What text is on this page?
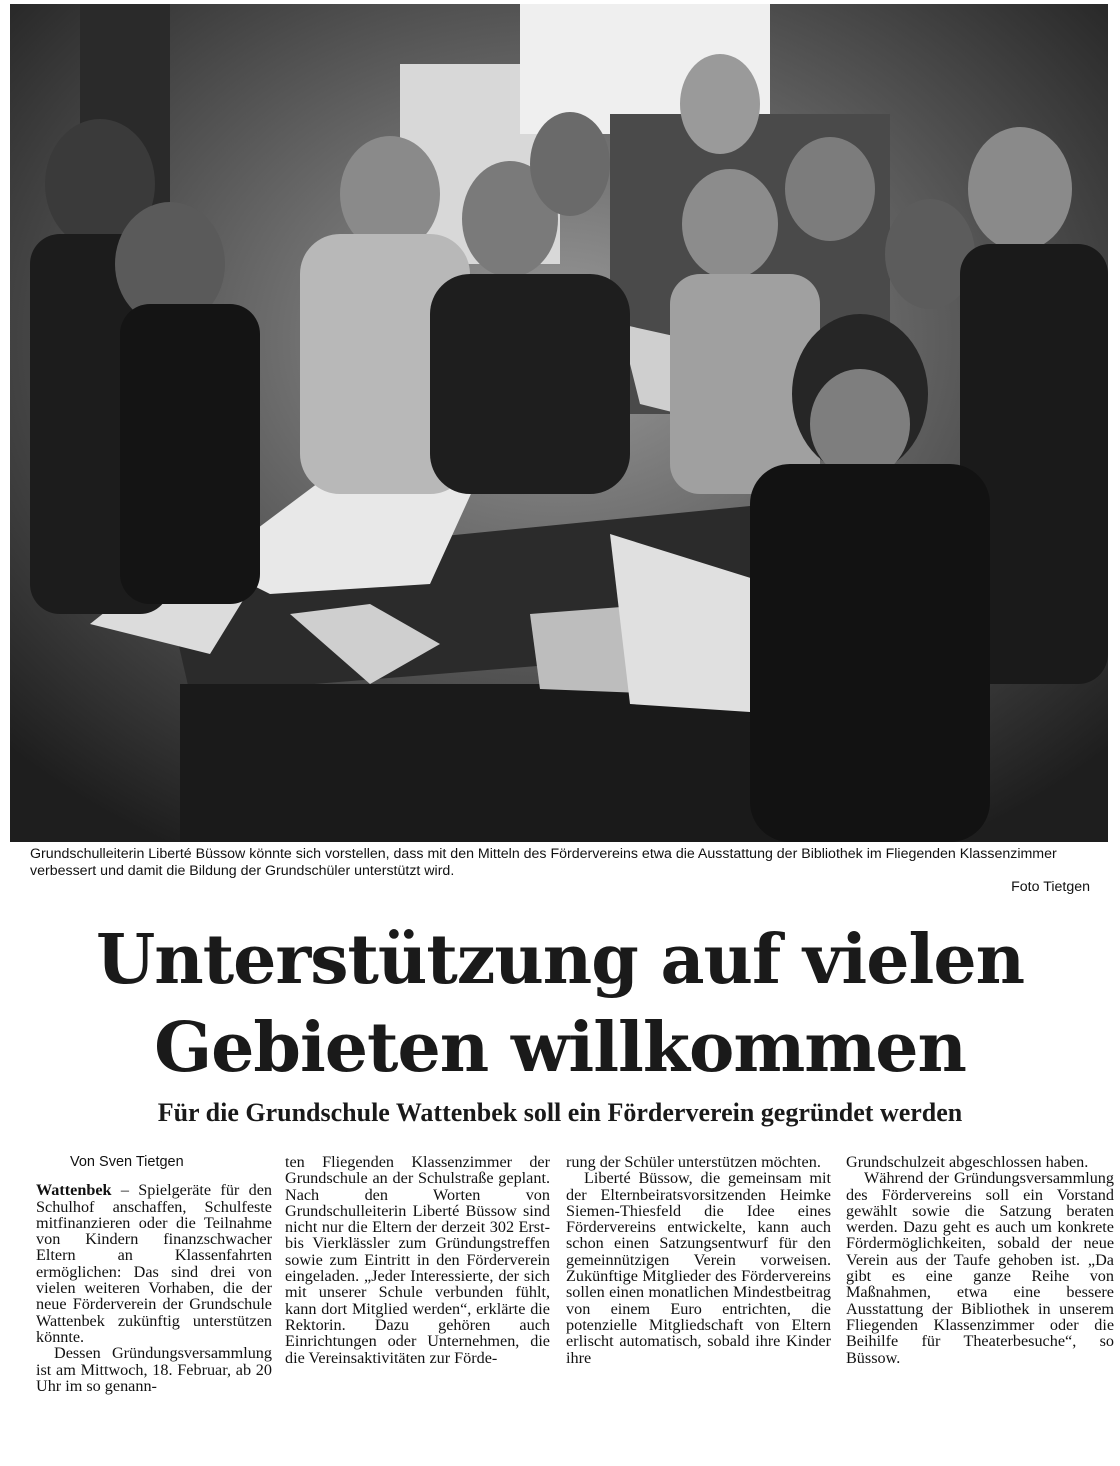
Grundschulleiterin Liberté Büssow könnte sich vorstellen, dass mit den Mitteln des Fördervereins etwa die Ausstattung der Bibliothek im Fliegenden Klassenzimmer verbessert und damit die Bildung der Grundschüler unterstützt wird.
Foto Tietgen
Unterstützung auf vielen
Gebieten willkommen
Für die Grundschule Wattenbek soll ein Förderverein gegründet werden

Von Sven Tietgen

Wattenbek – Spielgeräte für den Schulhof anschaffen, Schulfeste mitfinanzieren oder die Teilnahme von Kindern finanzschwacher Eltern an Klassenfahrten ermöglichen: Das sind drei von vielen weiteren Vorhaben, die der neue Förderverein der Grundschule Wattenbek zukünftig unterstützen könnte.

Dessen Gründungsversammlung ist am Mittwoch, 18. Februar, ab 20 Uhr im so genann-

ten Fliegenden Klassenzimmer der Grundschule an der Schulstraße geplant. Nach den Worten von Grundschulleiterin Liberté Büssow sind nicht nur die Eltern der derzeit 302 Erst- bis Vierklässler zum Gründungstreffen sowie zum Eintritt in den Förderverein eingeladen. „Jeder Interessierte, der sich mit unserer Schule verbunden fühlt, kann dort Mitglied werden“, erklärte die Rektorin. Dazu gehören auch Einrichtungen oder Unternehmen, die die Vereinsaktivitäten zur Förde-

rung der Schüler unterstützen möchten.

Liberté Büssow, die gemeinsam mit der Elternbeiratsvorsitzenden Heimke Siemen-Thiesfeld die Idee eines Fördervereins entwickelte, kann auch schon einen Satzungsentwurf für den gemeinnützigen Verein vorweisen. Zukünftige Mitglieder des Fördervereins sollen einen monatlichen Mindestbeitrag von einem Euro entrichten, die potenzielle Mitgliedschaft von Eltern erlischt automatisch, sobald ihre Kinder ihre

Grundschulzeit abgeschlossen haben.

Während der Gründungsversammlung des Fördervereins soll ein Vorstand gewählt sowie die Satzung beraten werden. Dazu geht es auch um konkrete Fördermöglichkeiten, sobald der neue Verein aus der Taufe gehoben ist. „Da gibt es eine ganze Reihe von Maßnahmen, etwa eine bessere Ausstattung der Bibliothek in unserem Fliegenden Klassenzimmer oder die Beihilfe für Theaterbesuche“, so Büssow.
